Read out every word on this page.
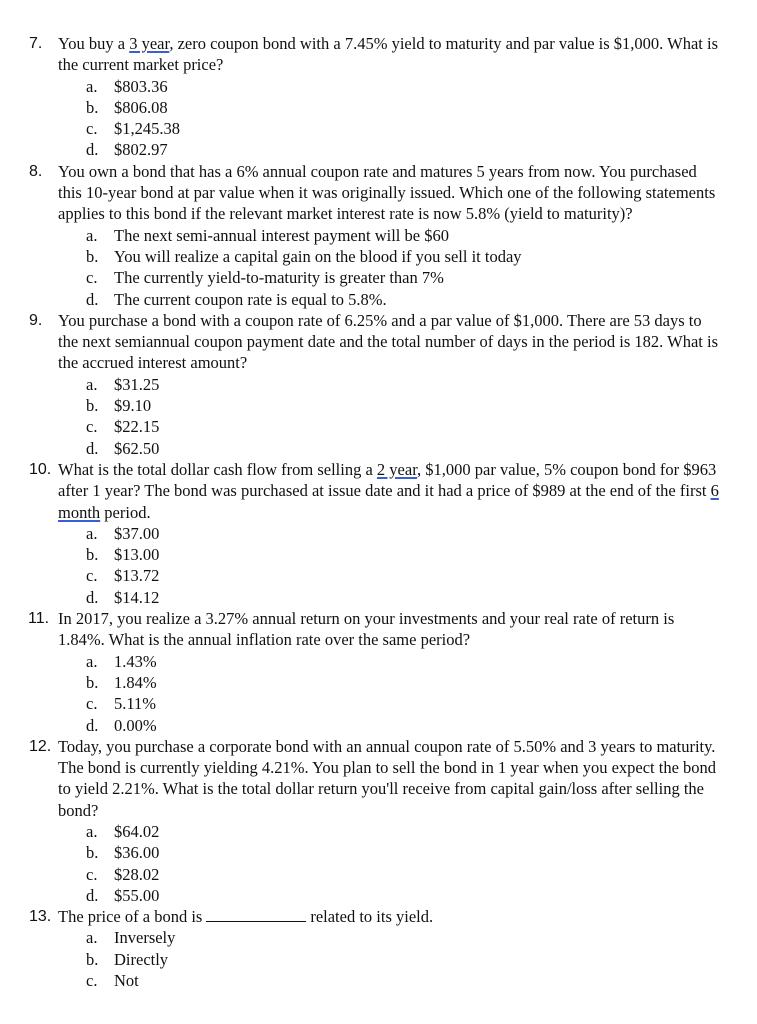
7. You buy a 3 year, zero coupon bond with a 7.45% yield to maturity and par value is $1,000. What is the current market price?

a. $803.36
b. $806.08
c. $1,245.38
d. $802.97
8. You own a bond that has a 6% annual coupon rate and matures 5 years from now. You purchased this 10-year bond at par value when it was originally issued. Which one of the following statements applies to this bond if the relevant market interest rate is now 5.8% (yield to maturity)?

a. The next semi-annual interest payment will be $60
b. You will realize a capital gain on the blood if you sell it today
c. The currently yield-to-maturity is greater than 7%
d. The current coupon rate is equal to 5.8%.
9. You purchase a bond with a coupon rate of 6.25% and a par value of $1,000. There are 53 days to the next semiannual coupon payment date and the total number of days in the period is 182. What is the accrued interest amount?

a. $31.25
b. $9.10
c. $22.15
d. $62.50
10. What is the total dollar cash flow from selling a 2 year, $1,000 par value, 5% coupon bond for $963 after 1 year? The bond was purchased at issue date and it had a price of $989 at the end of the first 6 month period.

a. $37.00
b. $13.00
c. $13.72
d. $14.12
11. In 2017, you realize a 3.27% annual return on your investments and your real rate of return is 1.84%. What is the annual inflation rate over the same period?

a. 1.43%
b. 1.84%
c. 5.11%
d. 0.00%
12. Today, you purchase a corporate bond with an annual coupon rate of 5.50% and 3 years to maturity. The bond is currently yielding 4.21%. You plan to sell the bond in 1 year when you expect the bond to yield 2.21%. What is the total dollar return you'll receive from capital gain/loss after selling the bond?

a. $64.02
b. $36.00
c. $28.02
d. $55.00
13. The price of a bond is	related to its yield.

a. Inversely
b. Directly
c. Not
